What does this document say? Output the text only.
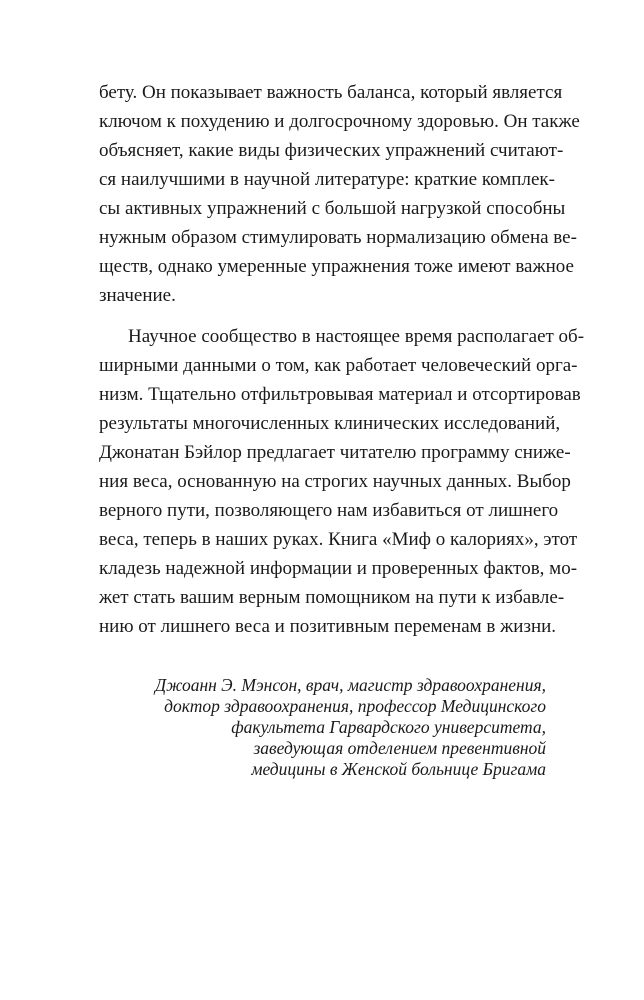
бету. Он показывает важность баланса, который является
ключом к похудению и долгосрочному здоровью. Он также
объясняет, какие виды физических упражнений считают-
ся наилучшими в научной литературе: краткие комплек-
сы активных упражнений с большой нагрузкой способны
нужным образом стимулировать нормализацию обмена ве-
ществ, однако умеренные упражнения тоже имеют важное
значение.
Научное сообщество в настоящее время располагает об-
ширными данными о том, как работает человеческий орга-
низм. Тщательно отфильтровывая материал и отсортировав
результаты многочисленных клинических исследований,
Джонатан Бэйлор предлагает читателю программу сниже-
ния веса, основанную на строгих научных данных. Выбор
верного пути, позволяющего нам избавиться от лишнего
веса, теперь в наших руках. Книга «Миф о калориях», этот
кладезь надежной информации и проверенных фактов, мо-
жет стать вашим верным помощником на пути к избавле-
нию от лишнего веса и позитивным переменам в жизни.
Джоанн Э. Мэнсон, врач, магистр здравоохранения,
доктор здравоохранения, профессор Медицинского
факультета Гарвардского университета,
заведующая отделением превентивной
медицины в Женской больнице Бригама
